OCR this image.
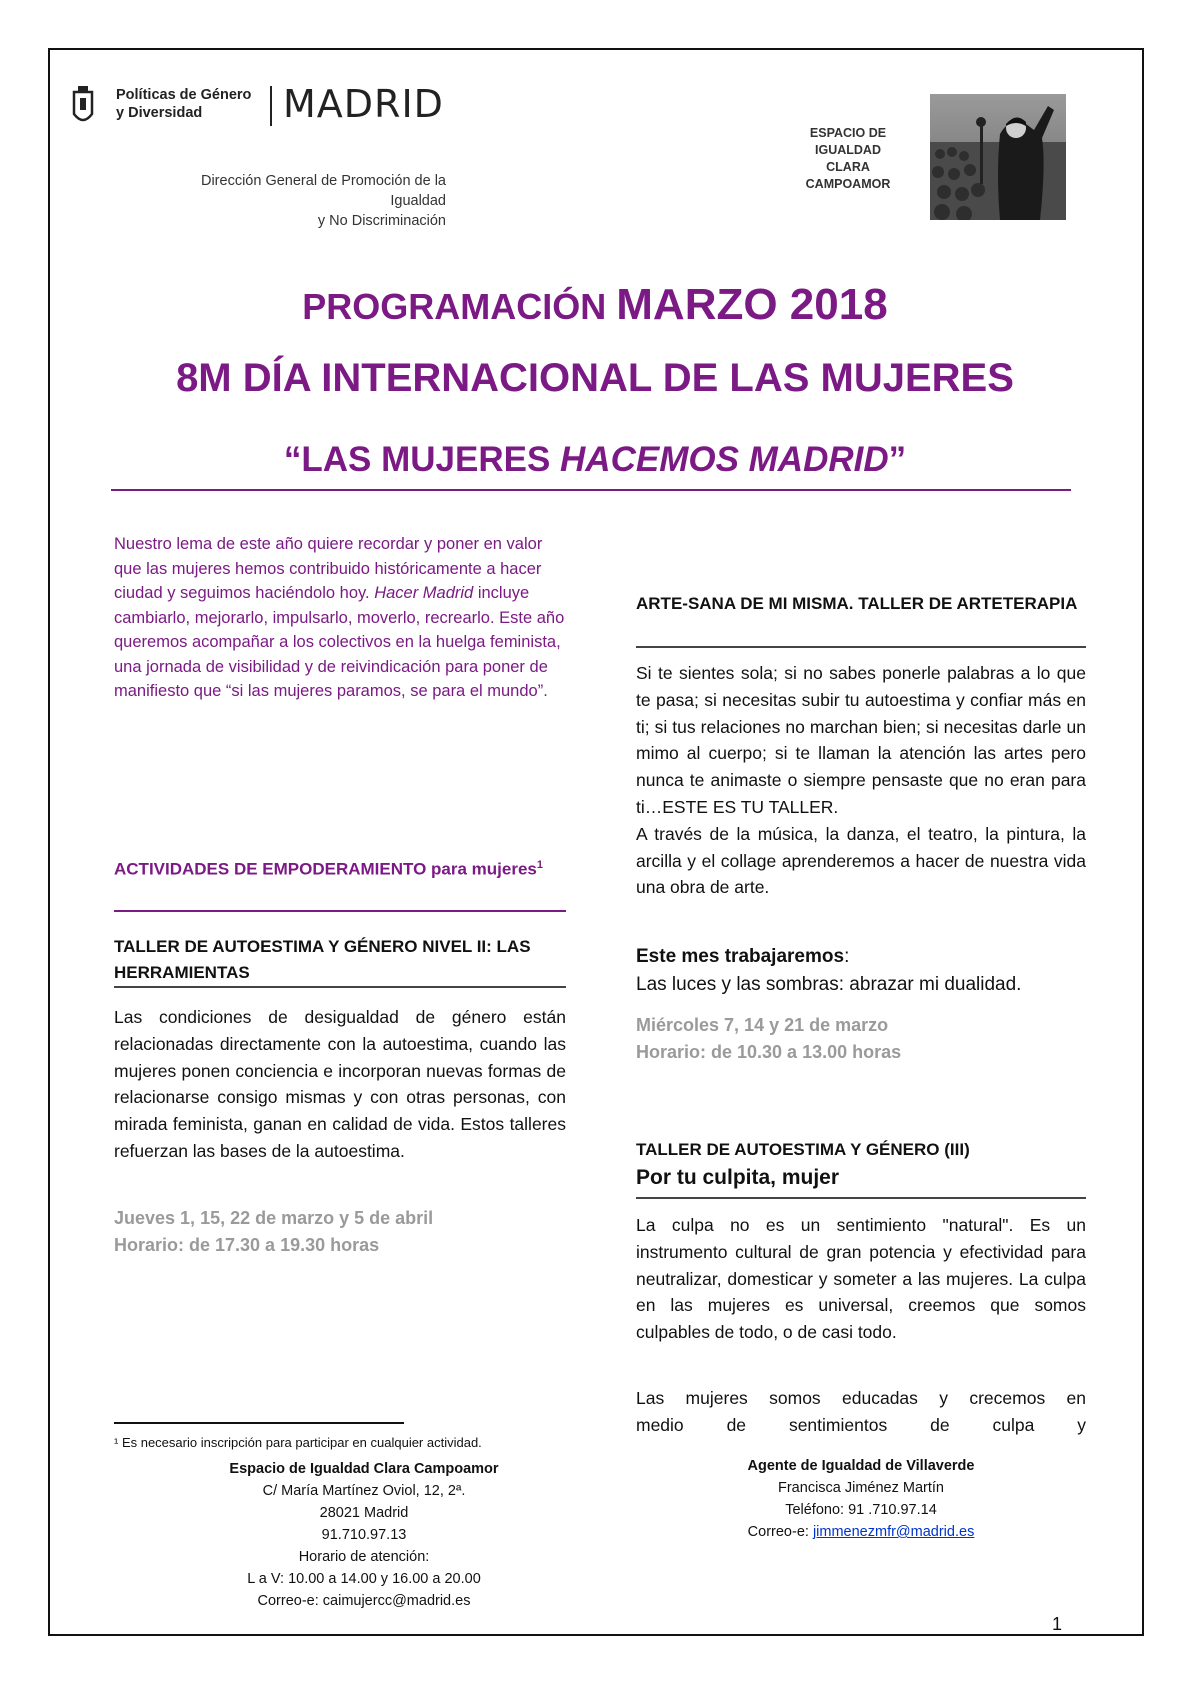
Políticas de Género
y Diversidad	MADRID
Dirección General de Promoción de la Igualdad
y No Discriminación
ESPACIO DE
IGUALDAD
CLARA
CAMPOAMOR
PROGRAMACIÓN MARZO 2018
8M DÍA INTERNACIONAL DE LAS MUJERES
“LAS MUJERES HACEMOS MADRID”
Nuestro lema de este año quiere recordar y poner en valor que las mujeres hemos contribuido históricamente a hacer ciudad y seguimos haciéndolo hoy. Hacer Madrid incluye cambiarlo, mejorarlo, impulsarlo, moverlo, recrearlo. Este año queremos acompañar a los colectivos en la huelga feminista, una jornada de visibilidad y de reivindicación para poner de manifiesto que “si las mujeres paramos, se para el mundo”.
ACTIVIDADES DE EMPODERAMIENTO para mujeres$^1$
TALLER DE AUTOESTIMA Y GÉNERO NIVEL II: LAS HERRAMIENTAS
Las condiciones de desigualdad de género están relacionadas directamente con la autoestima, cuando las mujeres ponen conciencia e incorporan nuevas formas de relacionarse consigo mismas y con otras personas, con mirada feminista, ganan en calidad de vida. Estos talleres refuerzan las bases de la autoestima.
Jueves 1, 15, 22 de marzo y 5 de abril
Horario: de 17.30 a 19.30 horas
¹ Es necesario inscripción para participar en cualquier actividad.
Espacio de Igualdad Clara Campoamor
C/ María Martínez Oviol, 12, 2ª.
28021 Madrid
91.710.97.13
Horario de atención:
L a V: 10.00 a 14.00 y 16.00 a 20.00
Correo-e: caimujercc@madrid.es
ARTE-SANA DE MI MISMA. TALLER DE ARTETERAPIA

Si te sientes sola; si no sabes ponerle palabras a lo que te pasa; si necesitas subir tu autoestima y confiar más en ti; si tus relaciones no marchan bien; si necesitas darle un mimo al cuerpo; si te llaman la atención las artes pero nunca te animaste o siempre pensaste que no eran para ti…ESTE ES TU TALLER.

A través de la música, la danza, el teatro, la pintura, la arcilla y el collage aprenderemos a hacer de nuestra vida una obra de arte.

Este mes trabajaremos:
Las luces y las sombras: abrazar mi dualidad.
Miércoles 7, 14 y 21 de marzo
Horario: de 10.30 a 13.00 horas
TALLER DE AUTOESTIMA Y GÉNERO (III)
Por tu culpita, mujer
La culpa no es un sentimiento "natural". Es un instrumento cultural de gran potencia y efectividad para neutralizar, domesticar y someter a las mujeres. La culpa en las mujeres es universal, creemos que somos culpables de todo, o de casi todo.
Las mujeres somos educadas y crecemos en
medio de sentimientos de culpa y
Agente de Igualdad de Villaverde
Francisca Jiménez Martín
Teléfono: 91 .710.97.14
Correo-e: jimmenezmfr@madrid.es
1
